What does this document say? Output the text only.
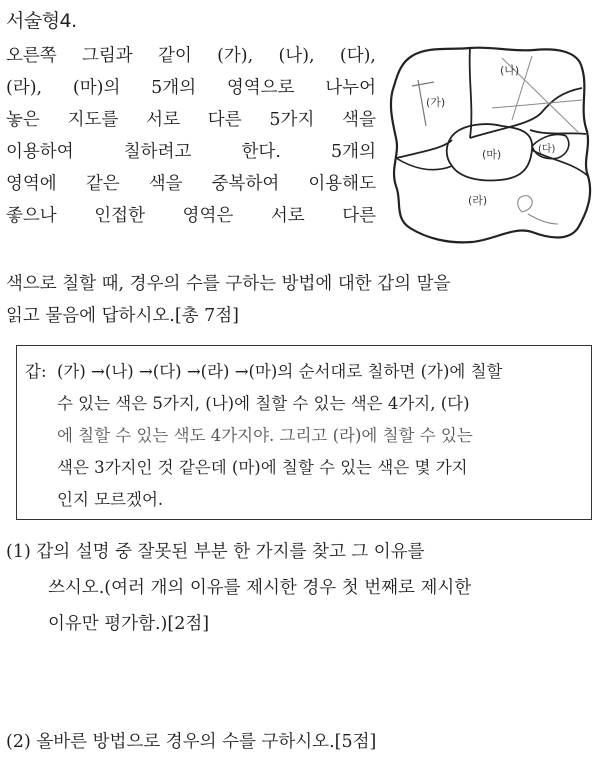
서술형4.
오른쪽 그림과 같이 (가), (나), (다),
(라), (마)의 5개의 영역으로 나누어
놓은 지도를 서로 다른 5가지 색을
이용하여 칠하려고 한다. 5개의
영역에 같은 색을 중복하여 이용해도
좋으나 인접한 영역은 서로 다른
(가)
(나)
(다)
(라)
(마)
색으로 칠할 때, 경우의 수를 구하는 방법에 대한 갑의 말을
읽고 물음에 답하시오.[총 7점]
갑: (가) →(나) →(다) →(라) →(마)의 순서대로 칠하면 (가)에 칠할
수 있는 색은 5가지, (나)에 칠할 수 있는 색은 4가지, (다)
에 칠할 수 있는 색도 4가지야. 그리고 (라)에 칠할 수 있는
색은 3가지인 것 같은데 (마)에 칠할 수 있는 색은 몇 가지
인지 모르겠어.
(1) 갑의 설명 중 잘못된 부분 한 가지를 찾고 그 이유를
쓰시오.(여러 개의 이유를 제시한 경우 첫 번째로 제시한
이유만 평가함.)[2점]
(2) 올바른 방법으로 경우의 수를 구하시오.[5점]
